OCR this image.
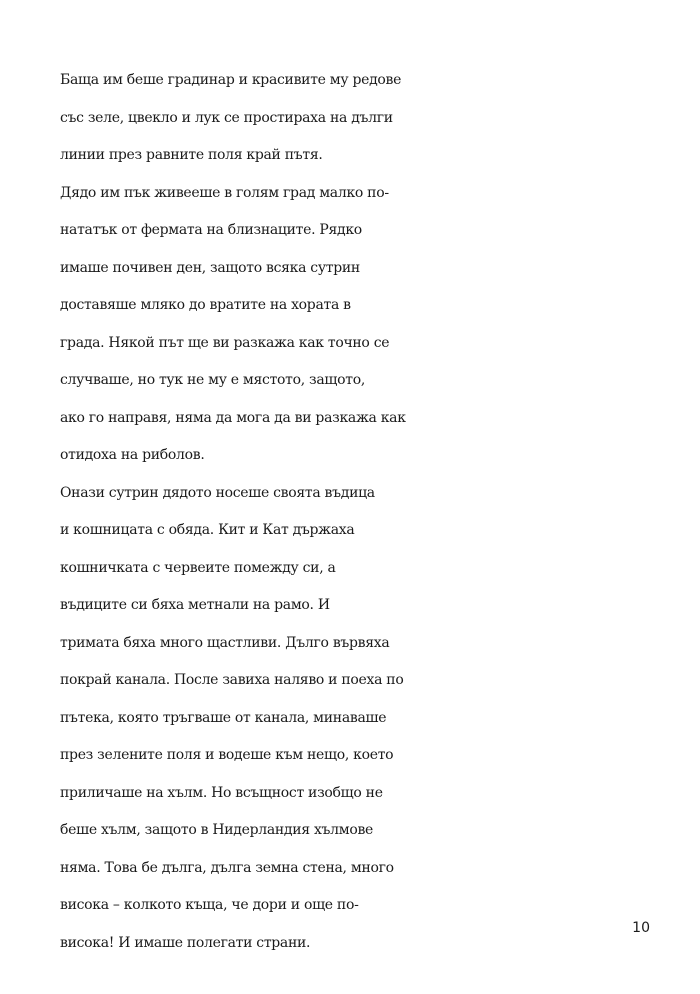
Баща им беше градинар и красивите му редове
със зеле, цвекло и лук се простираха на дълги
линии през равните поля край пътя.
Дядо им пък живееше в голям град малко по-
нататък от фермата на близнаците. Рядко
имаше почивен ден, защото всяка сутрин
доставяше мляко до вратите на хората в
града. Някой път ще ви разкажа как точно се
случваше, но тук не му е мястото, защото,
ако го направя, няма да мога да ви разкажа как
отидоха на риболов.
Онази сутрин дядото носеше своята въдица
и кошницата с обяда. Кит и Кат държаха
кошничката с червеите помежду си, а
въдиците си бяха метнали на рамо. И
тримата бяха много щастливи. Дълго вървяха
покрай канала. После завиха наляво и поеха по
пътека, която тръгваше от канала, минаваше
през зелените поля и водеше към нещо, което
приличаше на хълм. Но всъщност изобщо не
беше хълм, защото в Нидерландия хълмове
няма. Това бе дълга, дълга земна стена, много
висока – колкото къща, че дори и още по-
висока! И имаше полегати страни.
10
